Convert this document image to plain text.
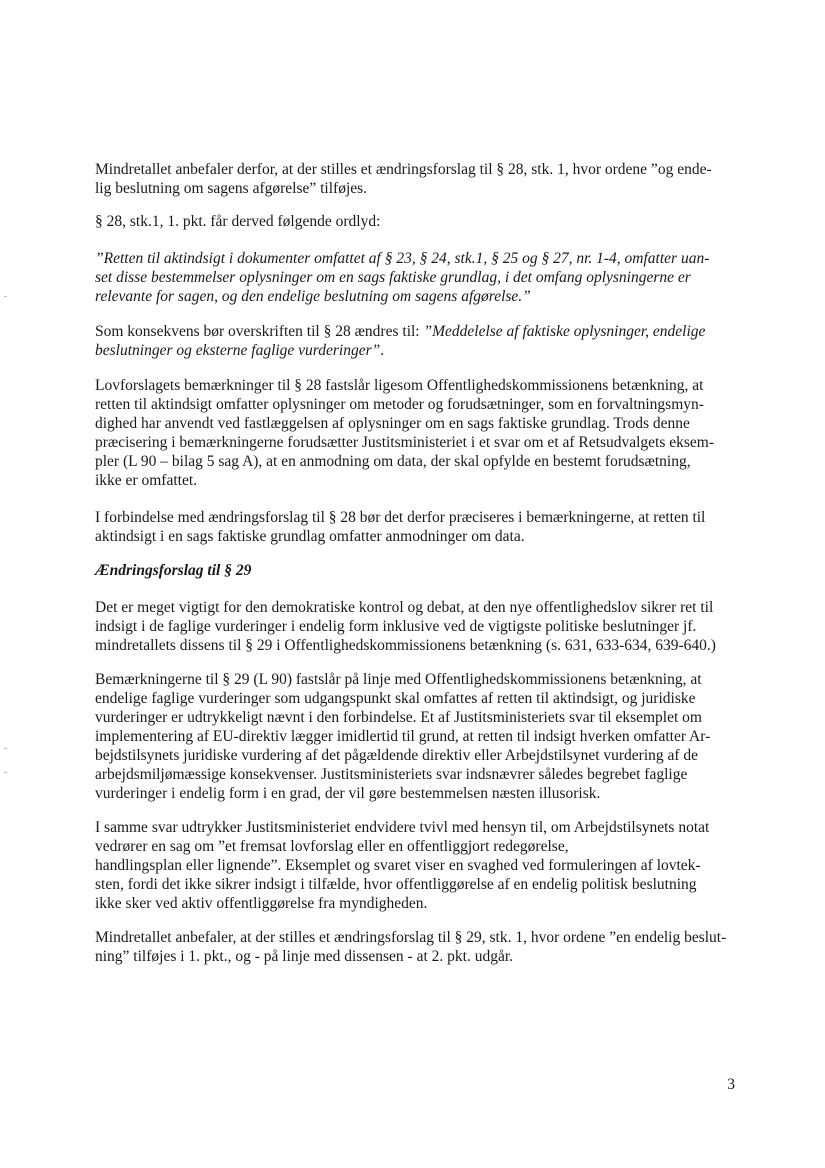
Mindretallet anbefaler derfor, at der stilles et ændringsforslag til § 28, stk. 1, hvor ordene ”og ende-
lig beslutning om sagens afgørelse” tilføjes.
§ 28, stk.1, 1. pkt. får derved følgende ordlyd:
”Retten til aktindsigt i dokumenter omfattet af § 23, § 24, stk.1, § 25 og § 27, nr. 1-4, omfatter uan-
set disse bestemmelser oplysninger om en sags faktiske grundlag, i det omfang oplysningerne er
relevante for sagen, og den endelige beslutning om sagens afgørelse.”
Som konsekvens bør overskriften til § 28 ændres til: ”Meddelelse af faktiske oplysninger, endelige
beslutninger og eksterne faglige vurderinger”.
Lovforslagets bemærkninger til § 28 fastslår ligesom Offentlighedskommissionens betænkning, at
retten til aktindsigt omfatter oplysninger om metoder og forudsætninger, som en forvaltningsmyn-
dighed har anvendt ved fastlæggelsen af oplysninger om en sags faktiske grundlag. Trods denne
præcisering i bemærkningerne forudsætter Justitsministeriet i et svar om et af Retsudvalgets eksem-
pler (L 90 – bilag 5 sag A), at en anmodning om data, der skal opfylde en bestemt forudsætning,
ikke er omfattet.
I forbindelse med ændringsforslag til § 28 bør det derfor præciseres i bemærkningerne, at retten til
aktindsigt i en sags faktiske grundlag omfatter anmodninger om data.
Ændringsforslag til § 29
Det er meget vigtigt for den demokratiske kontrol og debat, at den nye offentlighedslov sikrer ret til
indsigt i de faglige vurderinger i endelig form inklusive ved de vigtigste politiske beslutninger jf.
mindretallets dissens til § 29 i Offentlighedskommissionens betænkning (s. 631, 633-634, 639-640.)
Bemærkningerne til § 29 (L 90) fastslår på linje med Offentlighedskommissionens betænkning, at
endelige faglige vurderinger som udgangspunkt skal omfattes af retten til aktindsigt, og juridiske
vurderinger er udtrykkeligt nævnt i den forbindelse. Et af Justitsministeriets svar til eksemplet om
implementering af EU-direktiv lægger imidlertid til grund, at retten til indsigt hverken omfatter Ar-
bejdstilsynets juridiske vurdering af det pågældende direktiv eller Arbejdstilsynet vurdering af de
arbejdsmiljømæssige konsekvenser. Justitsministeriets svar indsnævrer således begrebet faglige
vurderinger i endelig form i en grad, der vil gøre bestemmelsen næsten illusorisk.
I samme svar udtrykker Justitsministeriet endvidere tvivl med hensyn til, om Arbejdstilsynets notat
vedrører en sag om ”et fremsat lovforslag eller en offentliggjort redegørelse,
handlingsplan eller lignende”. Eksemplet og svaret viser en svaghed ved formuleringen af lovtek-
sten, fordi det ikke sikrer indsigt i tilfælde, hvor offentliggørelse af en endelig politisk beslutning
ikke sker ved aktiv offentliggørelse fra myndigheden.
Mindretallet anbefaler, at der stilles et ændringsforslag til § 29, stk. 1, hvor ordene ”en endelig beslut-
ning” tilføjes i 1. pkt., og - på linje med dissensen - at 2. pkt. udgår.
3
